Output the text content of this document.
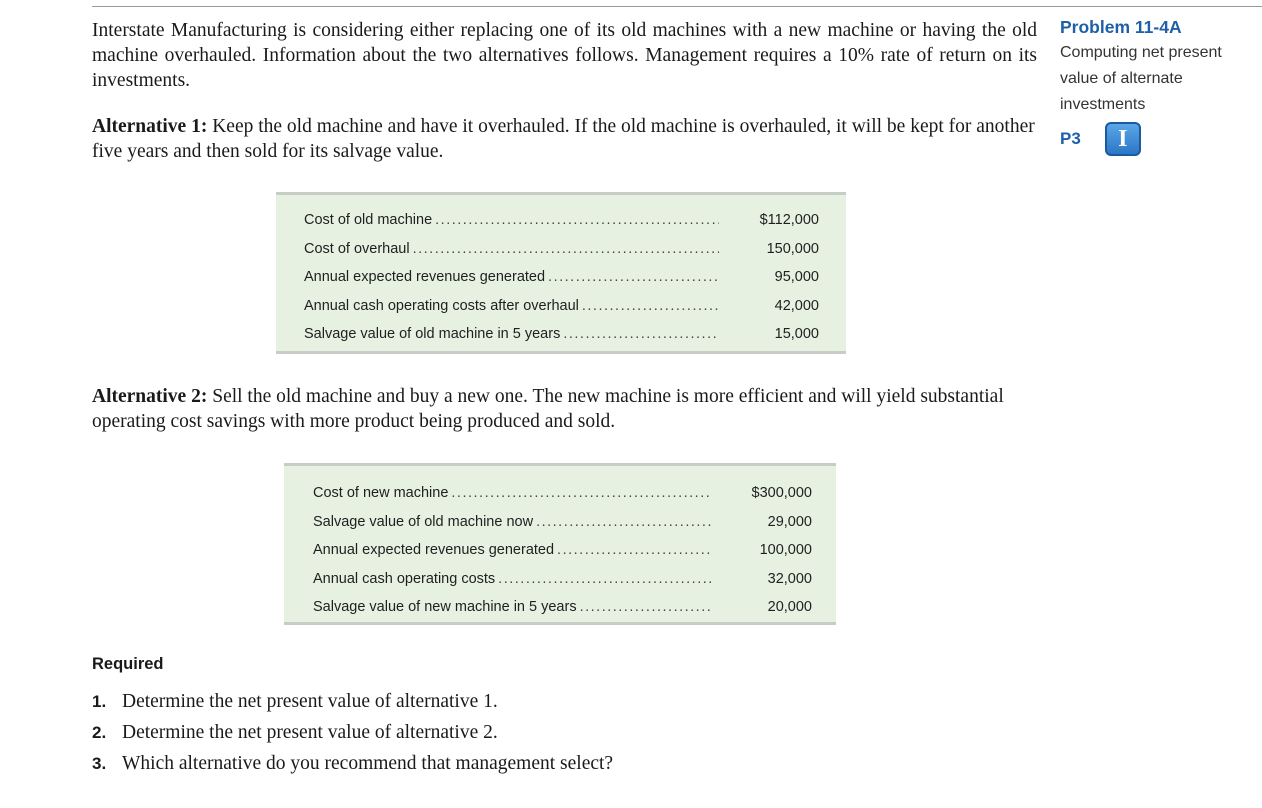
Interstate Manufacturing is considering either replacing one of its old machines with a new machine or having the old machine overhauled. Information about the two alternatives follows. Management requires a 10% rate of return on its investments.
Alternative 1: Keep the old machine and have it overhauled. If the old machine is overhauled, it will be kept for another five years and then sold for its salvage value.
Cost of old machine .....	$112,000
Cost of overhaul .....	150,000
Annual expected revenues generated .....	95,000
Annual cash operating costs after overhaul .....	42,000
Salvage value of old machine in 5 years .....	15,000
Alternative 2: Sell the old machine and buy a new one. The new machine is more efficient and will yield substantial operating cost savings with more product being produced and sold.
Cost of new machine .....	$300,000
Salvage value of old machine now .....	29,000
Annual expected revenues generated .....	100,000
Annual cash operating costs .....	32,000
Salvage value of new machine in 5 years .....	20,000
Problem 11-4A
Computing net present value of alternate investments
P3	I
Required
1. Determine the net present value of alternative 1.
2. Determine the net present value of alternative 2.
3. Which alternative do you recommend that management select?
